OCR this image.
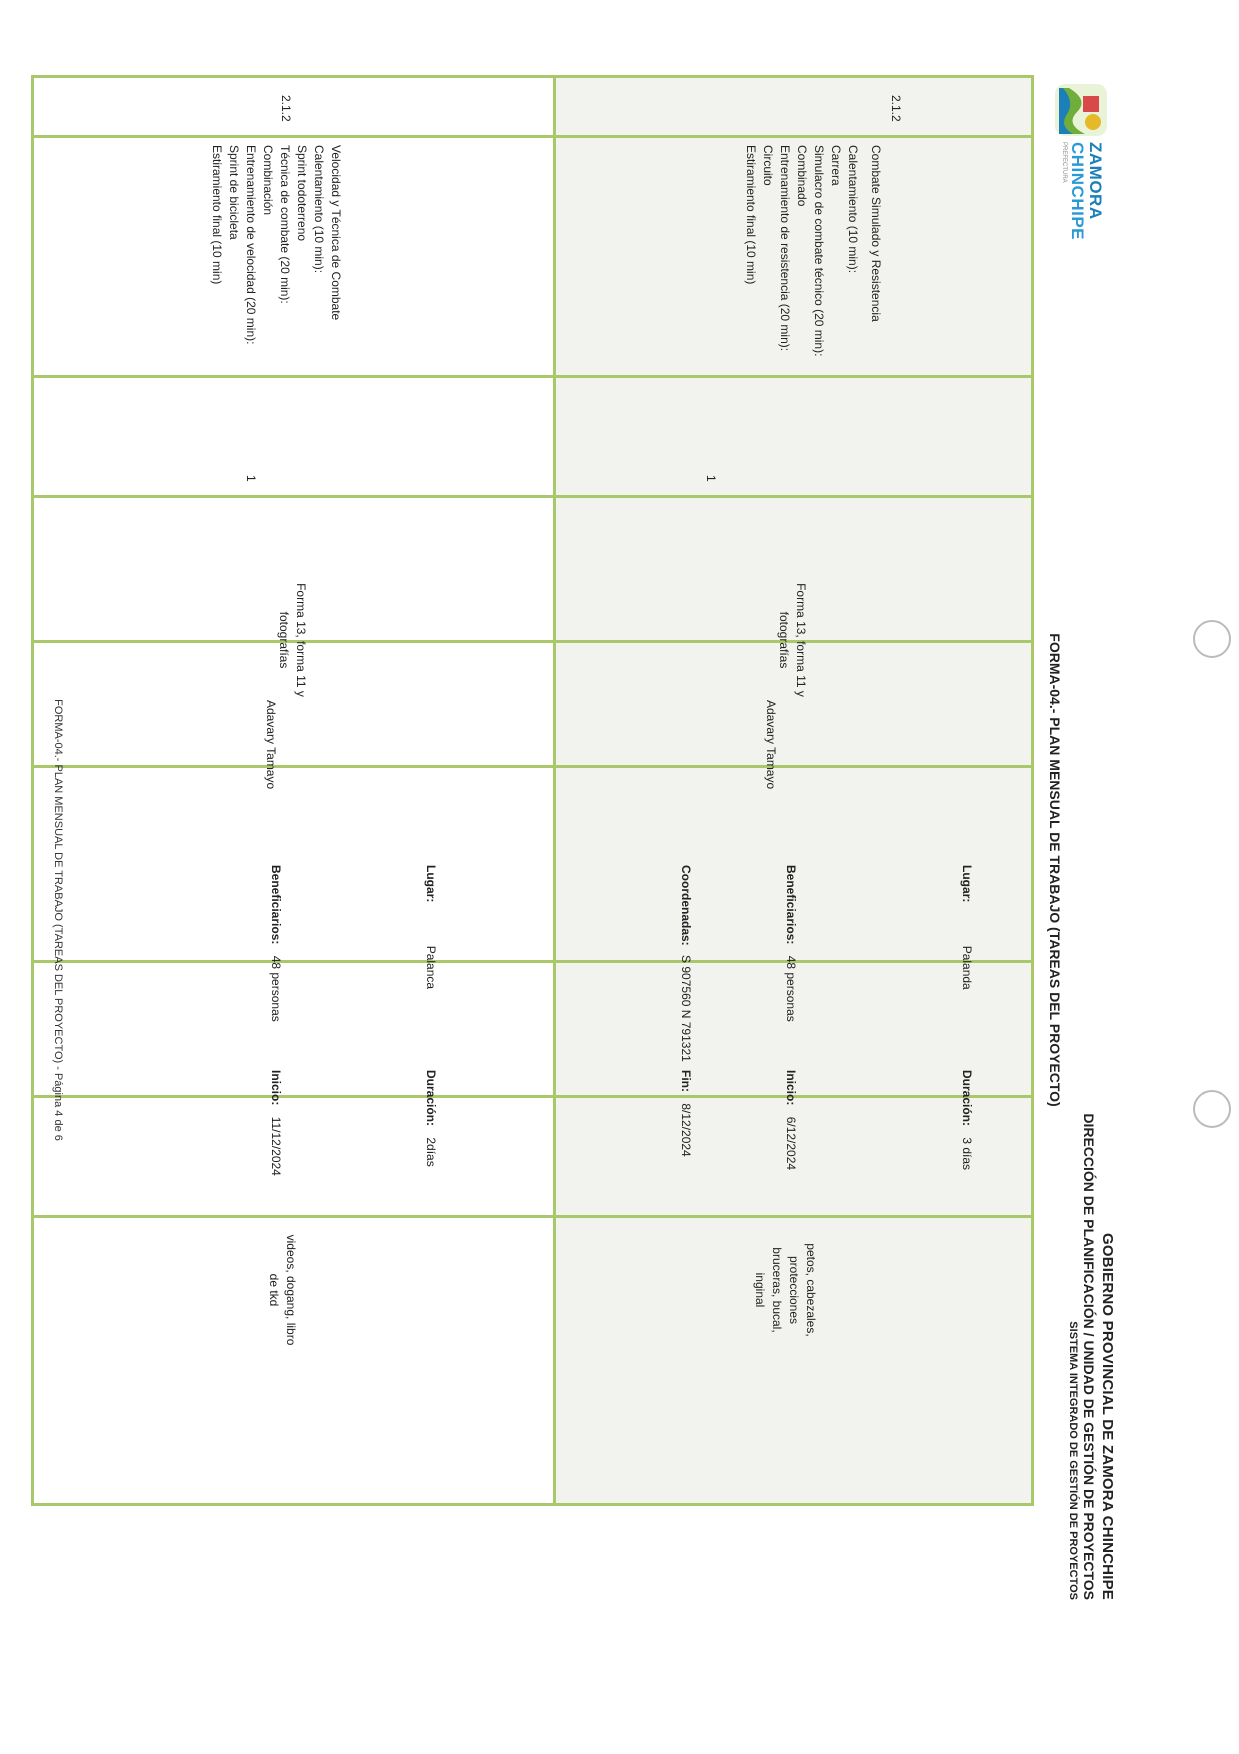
ZAMORA
CHINCHIPE
PREFECTURA
GOBIERNO PROVINCIAL DE ZAMORA CHINCHIPE
DIRECCIÓN DE PLANIFICACIÓN / UNIDAD DE GESTIÓN DE PROYECTOS
SISTEMA INTEGRADO DE GESTIÓN DE PROYECTOS
FORMA-04.- PLAN MENSUAL DE TRABAJO (TAREAS DEL PROYECTO)
2.1.2
Combate Simulado y Resistencia
Calentamiento (10 min):
Carrera
Simulacro de combate técnico (20 min):
Combinado
Entrenamiento de resistencia (20 min):
Circuito
Estiramiento final (10 min)
1
Forma 13, forma 11 y
fotografías
Adavary Tamayo
Lugar: Palanda
Beneficiarios: 48 personas
Coordenadas: S 907560 N 791321
Duración: 3 días
Inicio: 6/12/2024
Fin: 8/12/2024
petos, cabezales,
protecciones
bruceras, bucal,
inginal
2.1.2
Velocidad y Técnica de Combate
Calentamiento (10 min):
Sprint todoterreno
Técnica de combate (20 min):
Combinación
Entrenamiento de velocidad (20 min):
Sprint de bicicleta
Estiramiento final (10 min)
1
Forma 13, forma 11 y
fotografías
Adavary Tamayo
Lugar: Palanca
Beneficiarios: 48 personas
Duración: 2días
Inicio: 11/12/2024
videos, dogang, libro
de tkd
FORMA-04.- PLAN MENSUAL DE TRABAJO (TAREAS DEL PROYECTO) - Página 4 de 6
